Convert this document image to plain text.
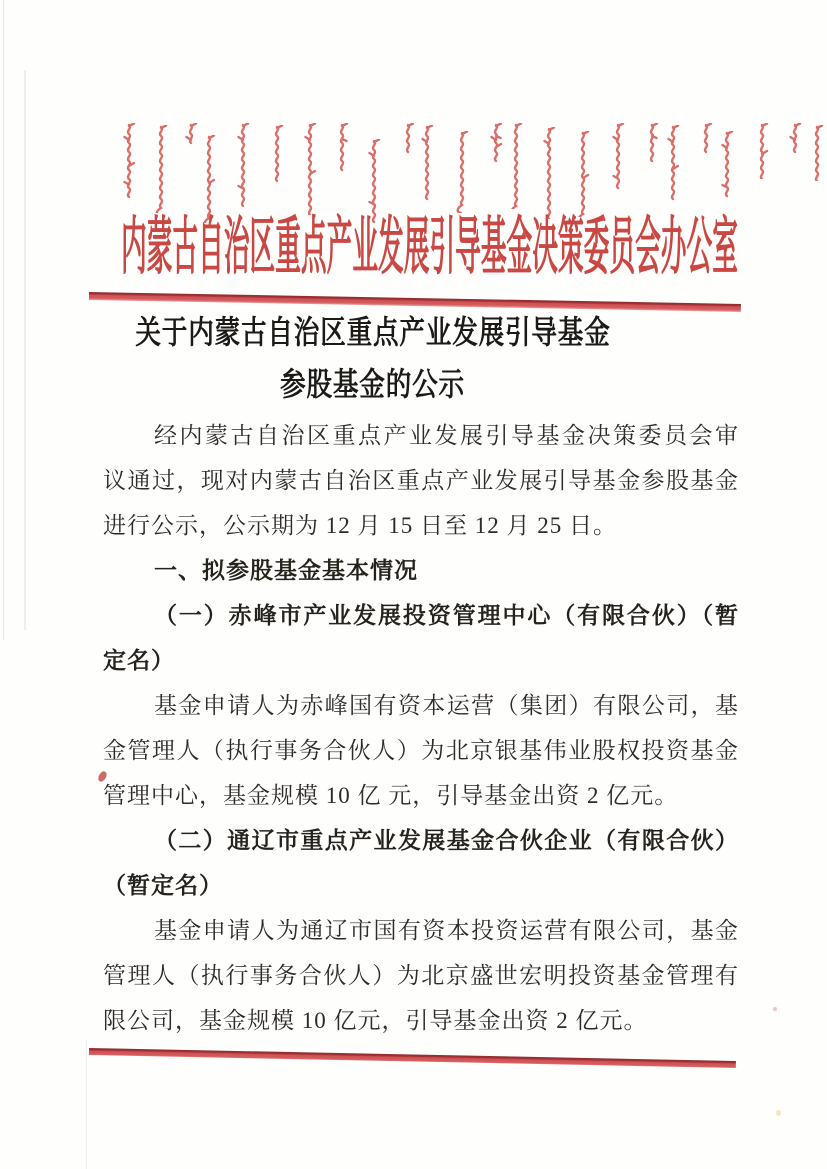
内蒙古自治区重点产业发展引导基金决策委员会办公室
关于内蒙古自治区重点产业发展引导基金
参股基金的公示
经内蒙古自治区重点产业发展引导基金决策委员会审
议通过，现对内蒙古自治区重点产业发展引导基金参股基金
进行公示，公示期为 12 月 15 日至 12 月 25 日。
一、拟参股基金基本情况
（一）赤峰市产业发展投资管理中心（有限合伙）（暂
定名）
基金申请人为赤峰国有资本运营（集团）有限公司，基
金管理人（执行事务合伙人）为北京银基伟业股权投资基金
管理中心，基金规模 10 亿 元，引导基金出资 2 亿元。
（二）通辽市重点产业发展基金合伙企业（有限合伙）
（暂定名）
基金申请人为通辽市国有资本投资运营有限公司，基金
管理人（执行事务合伙人）为北京盛世宏明投资基金管理有
限公司，基金规模 10 亿元，引导基金出资 2 亿元。
